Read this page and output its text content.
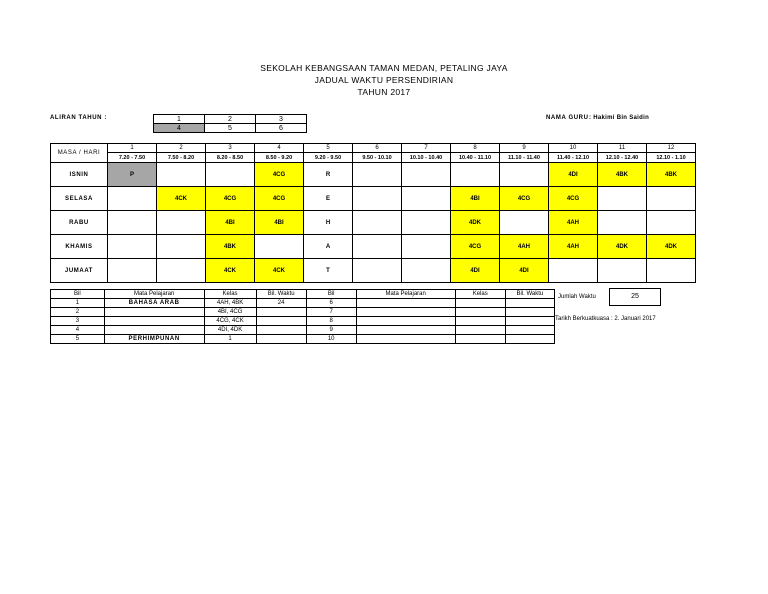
SEKOLAH KEBANGSAAN TAMAN MEDAN, PETALING JAYA
JADUAL WAKTU PERSENDIRIAN
TAHUN 2017
ALIRAN TAHUN :	1	2	3
4	5	6
NAMA GURU : Hakimi Bin Saidin
MASA / HARI	1	2	3	4	5	6	7	8	9	10	11	12
	7.20 - 7.50	7.50 - 8.20	8.20 - 8.50	8.50 - 9.20	9.20 - 9.50	9.50 - 10.10	10.10 - 10.40	10.40 - 11.10	11.10 - 11.40	11.40 - 12.10	12.10 - 12.40	12.10 - 1.10
ISNIN	P			4CG	R					4DI	4BK	4BK
SELASA		4CK	4CG	4CG	E			4BI	4CG	4CG		
RABU			4BI	4BI	H			4DK		4AH		
KHAMIS			4BK		A			4CG	4AH	4AH	4DK	4DK
JUMAAT			4CK	4CK	T			4DI	4DI			
Bil	Mata Pelajaran	Kelas	Bil. Waktu	Bil	Mata Pelajaran	Kelas	Bil. Waktu
1	BAHASA ARAB	4AH, 4BK	24	6			
2		4BI, 4CG		7			
3		4CG, 4CK		8			
4		4DI, 4DK		9			
5	PERHIMPUNAN	1		10			
Jumlah Waktu	25
Tarikh Berkuatkuasa : 2. Januari 2017
